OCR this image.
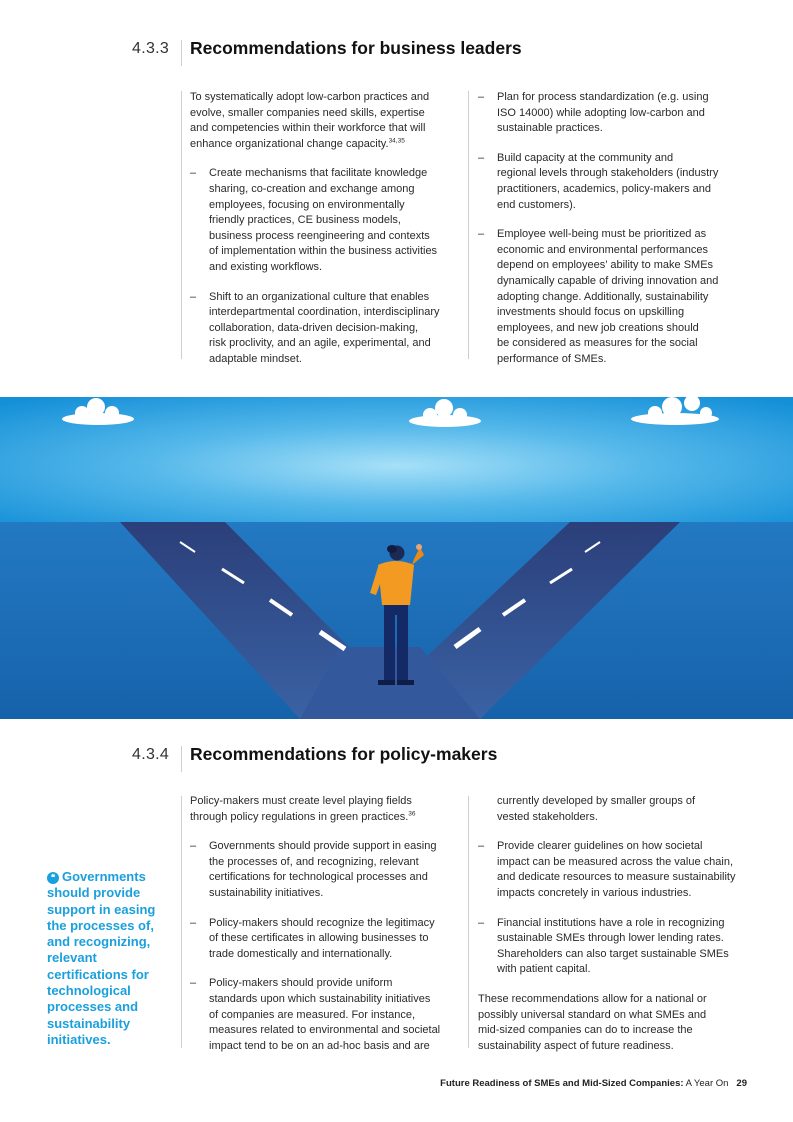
4.3.3 Recommendations for business leaders

To systematically adopt low-carbon practices and
evolve, smaller companies need skills, expertise
and competencies within their workforce that will
enhance organizational change capacity.$^{34,35}$

– Create mechanisms that facilitate knowledge
sharing, co-creation and exchange among
employees, focusing on environmentally
friendly practices, CE business models,
business process reengineering and contexts
of implementation within the business activities
and existing workflows.
– Shift to an organizational culture that enables
interdepartmental coordination, interdisciplinary
collaboration, data-driven decision-making,
risk proclivity, and an agile, experimental, and
adaptable mindset.
– Plan for process standardization (e.g. using
ISO 14000) while adopting low-carbon and
sustainable practices.
– Build capacity at the community and
regional levels through stakeholders (industry
practitioners, academics, policy-makers and
end customers).
– Employee well-being must be prioritized as
economic and environmental performances
depend on employees’ ability to make SMEs
dynamically capable of driving innovation and
adopting change. Additionally, sustainability
investments should focus on upskilling
employees, and new job creations should
be considered as measures for the social
performance of SMEs.
4.3.4 Recommendations for policy-makers
❝ Governments
should provide
support in easing
the processes of,
and recognizing,
relevant
certifications for
technological
processes and
sustainability
initiatives.

Policy-makers must create level playing fields
through policy regulations in green practices.$^{36}$

– Governments should provide support in easing
the processes of, and recognizing, relevant
certifications for technological processes and
sustainability initiatives.
– Policy-makers should recognize the legitimacy
of these certificates in allowing businesses to
trade domestically and internationally.
– Policy-makers should provide uniform
standards upon which sustainability initiatives
of companies are measured. For instance,
measures related to environmental and societal
impact tend to be on an ad-hoc basis and are

currently developed by smaller groups of
vested stakeholders.

– Provide clearer guidelines on how societal
impact can be measured across the value chain,
and dedicate resources to measure sustainability
impacts concretely in various industries.
– Financial institutions have a role in recognizing
sustainable SMEs through lower lending rates.
Shareholders can also target sustainable SMEs
with patient capital.

These recommendations allow for a national or
possibly universal standard on what SMEs and
mid-sized companies can do to increase the
sustainability aspect of future readiness.

Future Readiness of SMEs and Mid-Sized Companies: A Year On 29
